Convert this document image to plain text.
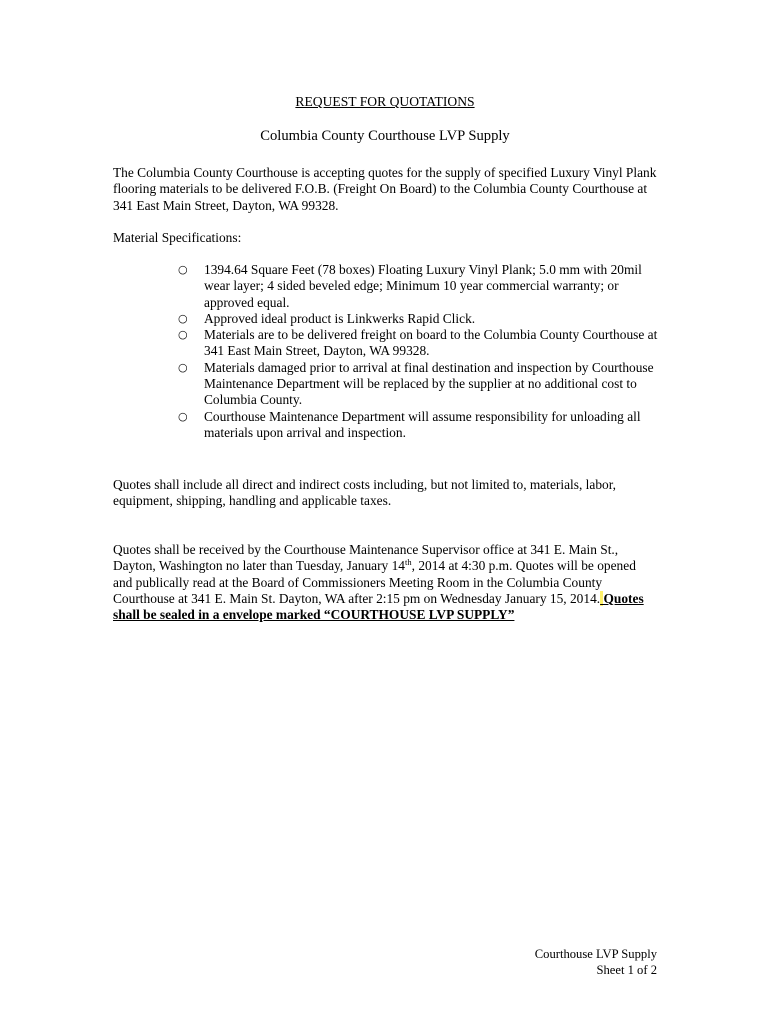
REQUEST FOR QUOTATIONS
Columbia County Courthouse LVP Supply

The Columbia County Courthouse is accepting quotes for the supply of specified Luxury Vinyl Plank flooring materials to be delivered F.O.B. (Freight On Board) to the Columbia County Courthouse at 341 East Main Street, Dayton, WA 99328.

Material Specifications:

○ 1394.64 Square Feet (78 boxes) Floating Luxury Vinyl Plank; 5.0 mm with 20mil wear layer; 4 sided beveled edge; Minimum 10 year commercial warranty; or approved equal.
○ Approved ideal product is Linkwerks Rapid Click.
○ Materials are to be delivered freight on board to the Columbia County Courthouse at 341 East Main Street, Dayton, WA 99328.
○ Materials damaged prior to arrival at final destination and inspection by Courthouse Maintenance Department will be replaced by the supplier at no additional cost to Columbia County.
○ Courthouse Maintenance Department will assume responsibility for unloading all materials upon arrival and inspection.

Quotes shall include all direct and indirect costs including, but not limited to, materials, labor, equipment, shipping, handling and applicable taxes.

Quotes shall be received by the Courthouse Maintenance Supervisor office at 341 E. Main St., Dayton, Washington no later than Tuesday, January 14th, 2014 at 4:30 p.m. Quotes will be opened and publically read at the Board of Commissioners Meeting Room in the Columbia County Courthouse at 341 E. Main St. Dayton, WA after 2:15 pm on Wednesday January 15, 2014. Quotes shall be sealed in a envelope marked “COURTHOUSE LVP SUPPLY”

Courthouse LVP Supply
Sheet 1 of 2
